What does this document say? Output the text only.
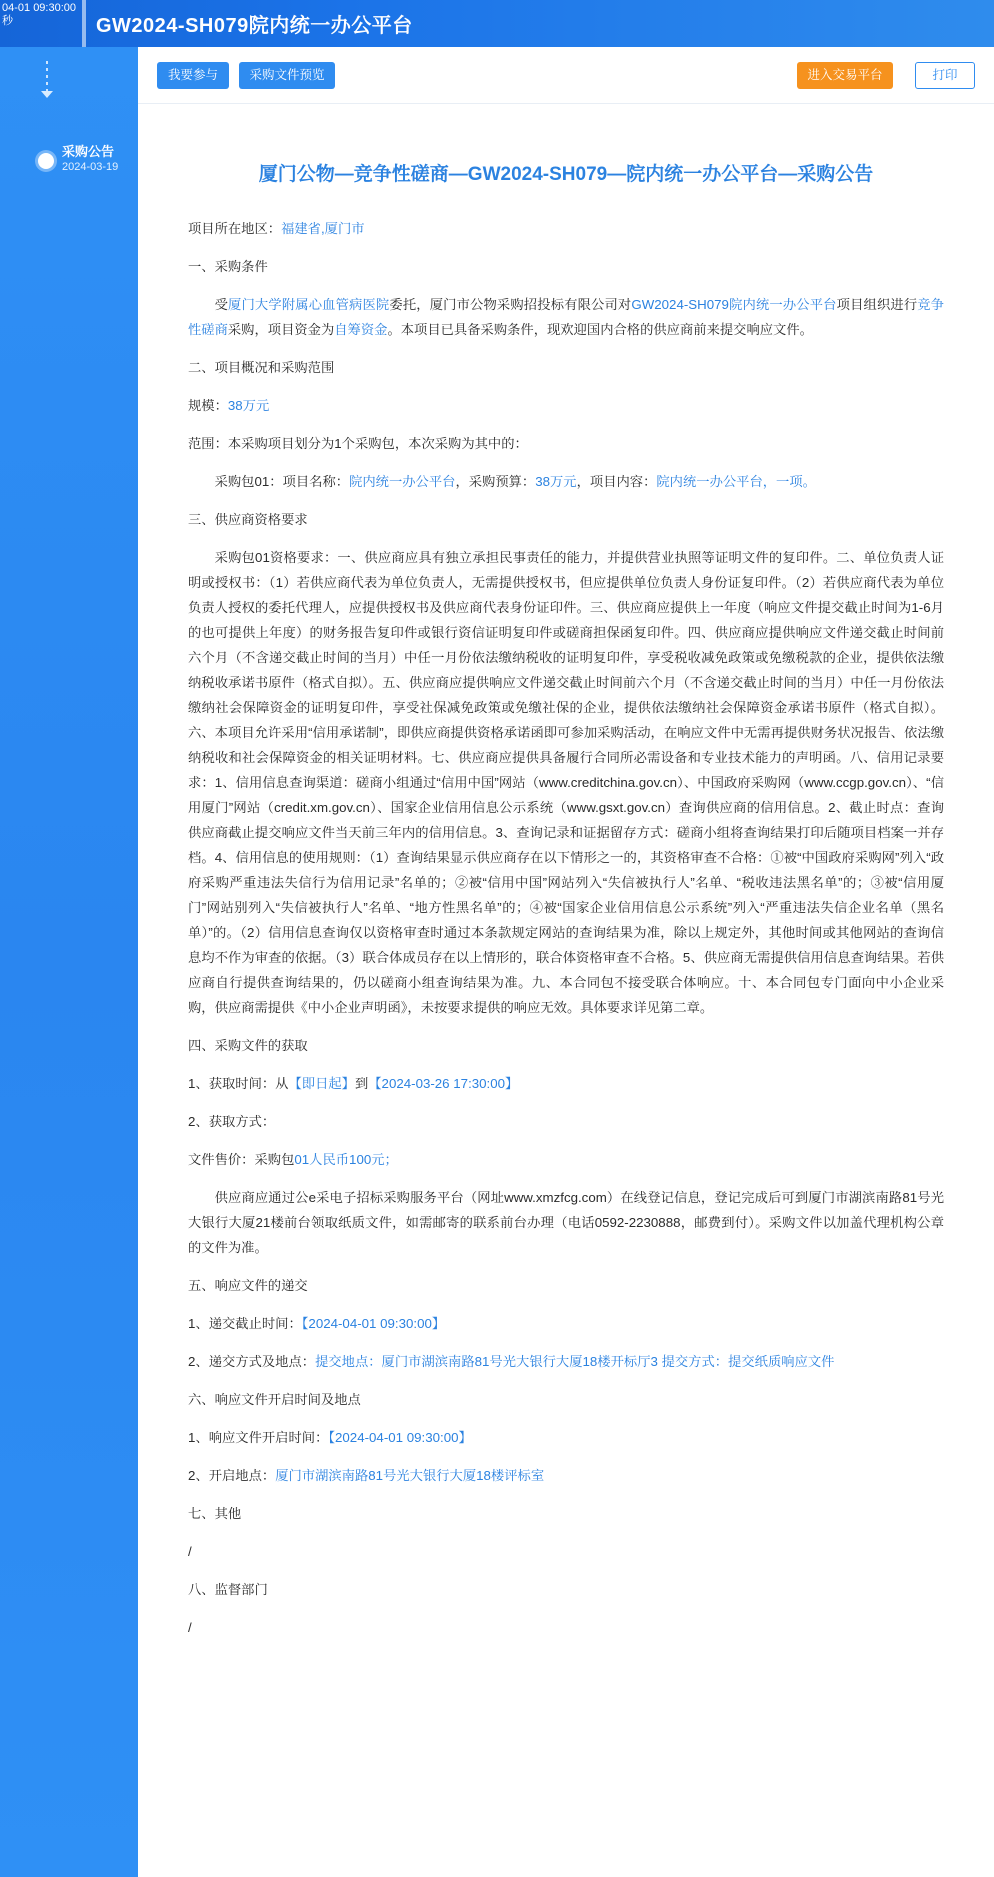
04-01 09:30:00 秒	GW2024-SH079院内统一办公平台
采购公告
2024-03-19
我要参与	采购文件预览	进入交易平台	打印
厦门公物—竞争性磋商—GW2024-SH079—院内统一办公平台—采购公告

项目所在地区：福建省,厦门市

一、采购条件

受厦门大学附属心血管病医院委托，厦门市公物采购招投标有限公司对GW2024-SH079院内统一办公平台项目组织进行竞争性磋商采购，项目资金为自筹资金。本项目已具备采购条件，现欢迎国内合格的供应商前来提交响应文件。

二、项目概况和采购范围

规模：38万元

范围：本采购项目划分为1个采购包，本次采购为其中的：

采购包01：项目名称：院内统一办公平台，采购预算：38万元，项目内容：院内统一办公平台，一项。

三、供应商资格要求

采购包01资格要求：一、供应商应具有独立承担民事责任的能力，并提供营业执照等证明文件的复印件。二、单位负责人证明或授权书：（1）若供应商代表为单位负责人，无需提供授权书，但应提供单位负责人身份证复印件。（2）若供应商代表为单位负责人授权的委托代理人，应提供授权书及供应商代表身份证印件。三、供应商应提供上一年度（响应文件提交截止时间为1-6月的也可提供上年度）的财务报告复印件或银行资信证明复印件或磋商担保函复印件。四、供应商应提供响应文件递交截止时间前六个月（不含递交截止时间的当月）中任一月份依法缴纳税收的证明复印件，享受税收减免政策或免缴税款的企业，提供依法缴纳税收承诺书原件（格式自拟）。五、供应商应提供响应文件递交截止时间前六个月（不含递交截止时间的当月）中任一月份依法缴纳社会保障资金的证明复印件，享受社保减免政策或免缴社保的企业，提供依法缴纳社会保障资金承诺书原件（格式自拟）。六、本项目允许采用“信用承诺制”，即供应商提供资格承诺函即可参加采购活动，在响应文件中无需再提供财务状况报告、依法缴纳税收和社会保障资金的相关证明材料。七、供应商应提供具备履行合同所必需设备和专业技术能力的声明函。八、信用记录要求：1、信用信息查询渠道：磋商小组通过“信用中国”网站（www.creditchina.gov.cn）、中国政府采购网（www.ccgp.gov.cn）、“信用厦门”网站（credit.xm.gov.cn）、国家企业信用信息公示系统（www.gsxt.gov.cn）查询供应商的信用信息。2、截止时点：查询供应商截止提交响应文件当天前三年内的信用信息。3、查询记录和证据留存方式：磋商小组将查询结果打印后随项目档案一并存档。4、信用信息的使用规则：（1）查询结果显示供应商存在以下情形之一的，其资格审查不合格：①被“中国政府采购网”列入“政府采购严重违法失信行为信用记录”名单的；②被“信用中国”网站列入“失信被执行人”名单、“税收违法黑名单”的；③被“信用厦门”网站别列入“失信被执行人”名单、“地方性黑名单”的；④被“国家企业信用信息公示系统”列入“严重违法失信企业名单（黑名单）”的。（2）信用信息查询仅以资格审查时通过本条款规定网站的查询结果为准，除以上规定外，其他时间或其他网站的查询信息均不作为审查的依据。（3）联合体成员存在以上情形的，联合体资格审查不合格。5、供应商无需提供信用信息查询结果。若供应商自行提供查询结果的，仍以磋商小组查询结果为准。九、本合同包不接受联合体响应。十、本合同包专门面向中小企业采购，供应商需提供《中小企业声明函》，未按要求提供的响应无效。具体要求详见第二章。

四、采购文件的获取

1、获取时间：从【即日起】到【2024-03-26 17:30:00】

2、获取方式：

文件售价：采购包01人民币100元；

供应商应通过公e采电子招标采购服务平台（网址www.xmzfcg.com）在线登记信息，登记完成后可到厦门市湖滨南路81号光大银行大厦21楼前台领取纸质文件，如需邮寄的联系前台办理（电话0592-2230888，邮费到付）。采购文件以加盖代理机构公章的文件为准。

五、响应文件的递交

1、递交截止时间：【2024-04-01 09:30:00】

2、递交方式及地点：提交地点：厦门市湖滨南路81号光大银行大厦18楼开标厅3 提交方式：提交纸质响应文件

六、响应文件开启时间及地点

1、响应文件开启时间：【2024-04-01 09:30:00】

2、开启地点：厦门市湖滨南路81号光大银行大厦18楼评标室

七、其他

/

八、监督部门

/
